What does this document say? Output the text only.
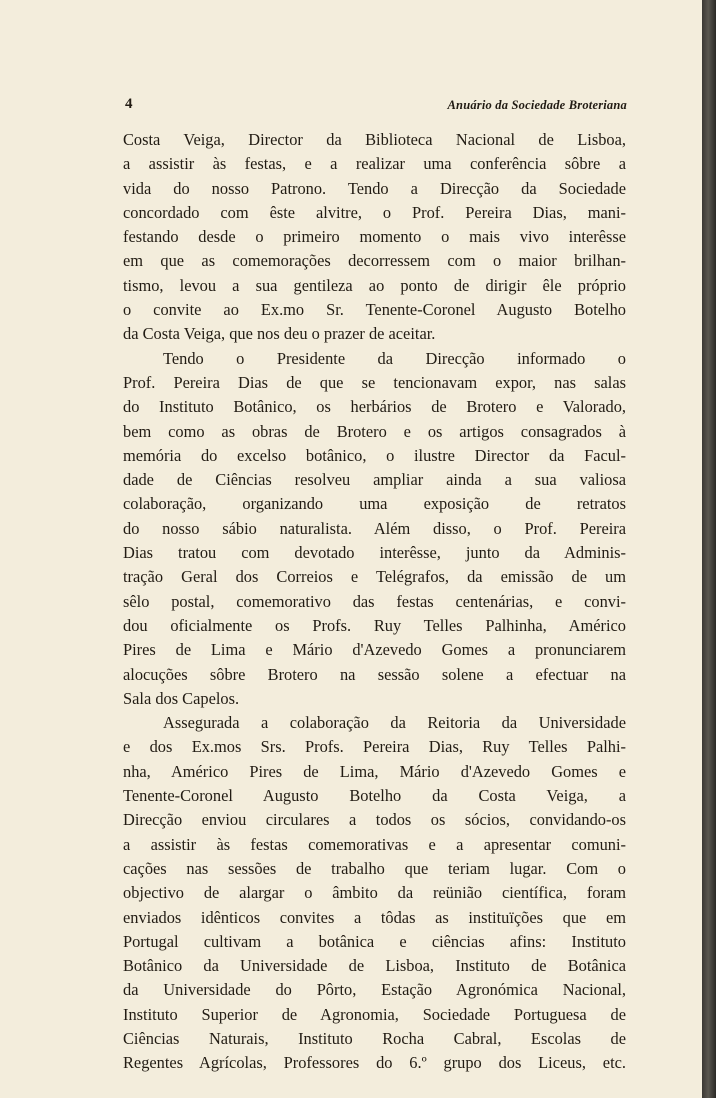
4	Anuário da Sociedade Broteriana
Costa Veiga, Director da Biblioteca Nacional de Lisboa,
a assistir às festas, e a realizar uma conferência sôbre a
vida do nosso Patrono. Tendo a Direcção da Sociedade
concordado com êste alvitre, o Prof. Pereira Dias, mani-
festando desde o primeiro momento o mais vivo interêsse
em que as comemorações decorressem com o maior brilhan-
tismo, levou a sua gentileza ao ponto de dirigir êle próprio
o convite ao Ex.mo Sr. Tenente-Coronel Augusto Botelho
da Costa Veiga, que nos deu o prazer de aceitar.
Tendo o Presidente da Direcção informado o
Prof. Pereira Dias de que se tencionavam expor, nas salas
do Instituto Botânico, os herbários de Brotero e Valorado,
bem como as obras de Brotero e os artigos consagrados à
memória do excelso botânico, o ilustre Director da Facul-
dade de Ciências resolveu ampliar ainda a sua valiosa
colaboração, organizando uma exposição de retratos
do nosso sábio naturalista. Além disso, o Prof. Pereira
Dias tratou com devotado interêsse, junto da Adminis-
tração Geral dos Correios e Telégrafos, da emissão de um
sêlo postal, comemorativo das festas centenárias, e convi-
dou oficialmente os Profs. Ruy Telles Palhinha, Américo
Pires de Lima e Mário d'Azevedo Gomes a pronunciarem
alocuções sôbre Brotero na sessão solene a efectuar na
Sala dos Capelos.
Assegurada a colaboração da Reitoria da Universidade
e dos Ex.mos Srs. Profs. Pereira Dias, Ruy Telles Palhi-
nha, Américo Pires de Lima, Mário d'Azevedo Gomes e
Tenente-Coronel Augusto Botelho da Costa Veiga, a
Direcção enviou circulares a todos os sócios, convidando-os
a assistir às festas comemorativas e a apresentar comuni-
cações nas sessões de trabalho que teriam lugar. Com o
objectivo de alargar o âmbito da reünião científica, foram
enviados idênticos convites a tôdas as instituïções que em
Portugal cultivam a botânica e ciências afins: Instituto
Botânico da Universidade de Lisboa, Instituto de Botânica
da Universidade do Pôrto, Estação Agronómica Nacional,
Instituto Superior de Agronomia, Sociedade Portuguesa de
Ciências Naturais, Instituto Rocha Cabral, Escolas de
Regentes Agrícolas, Professores do 6.º grupo dos Liceus, etc.
